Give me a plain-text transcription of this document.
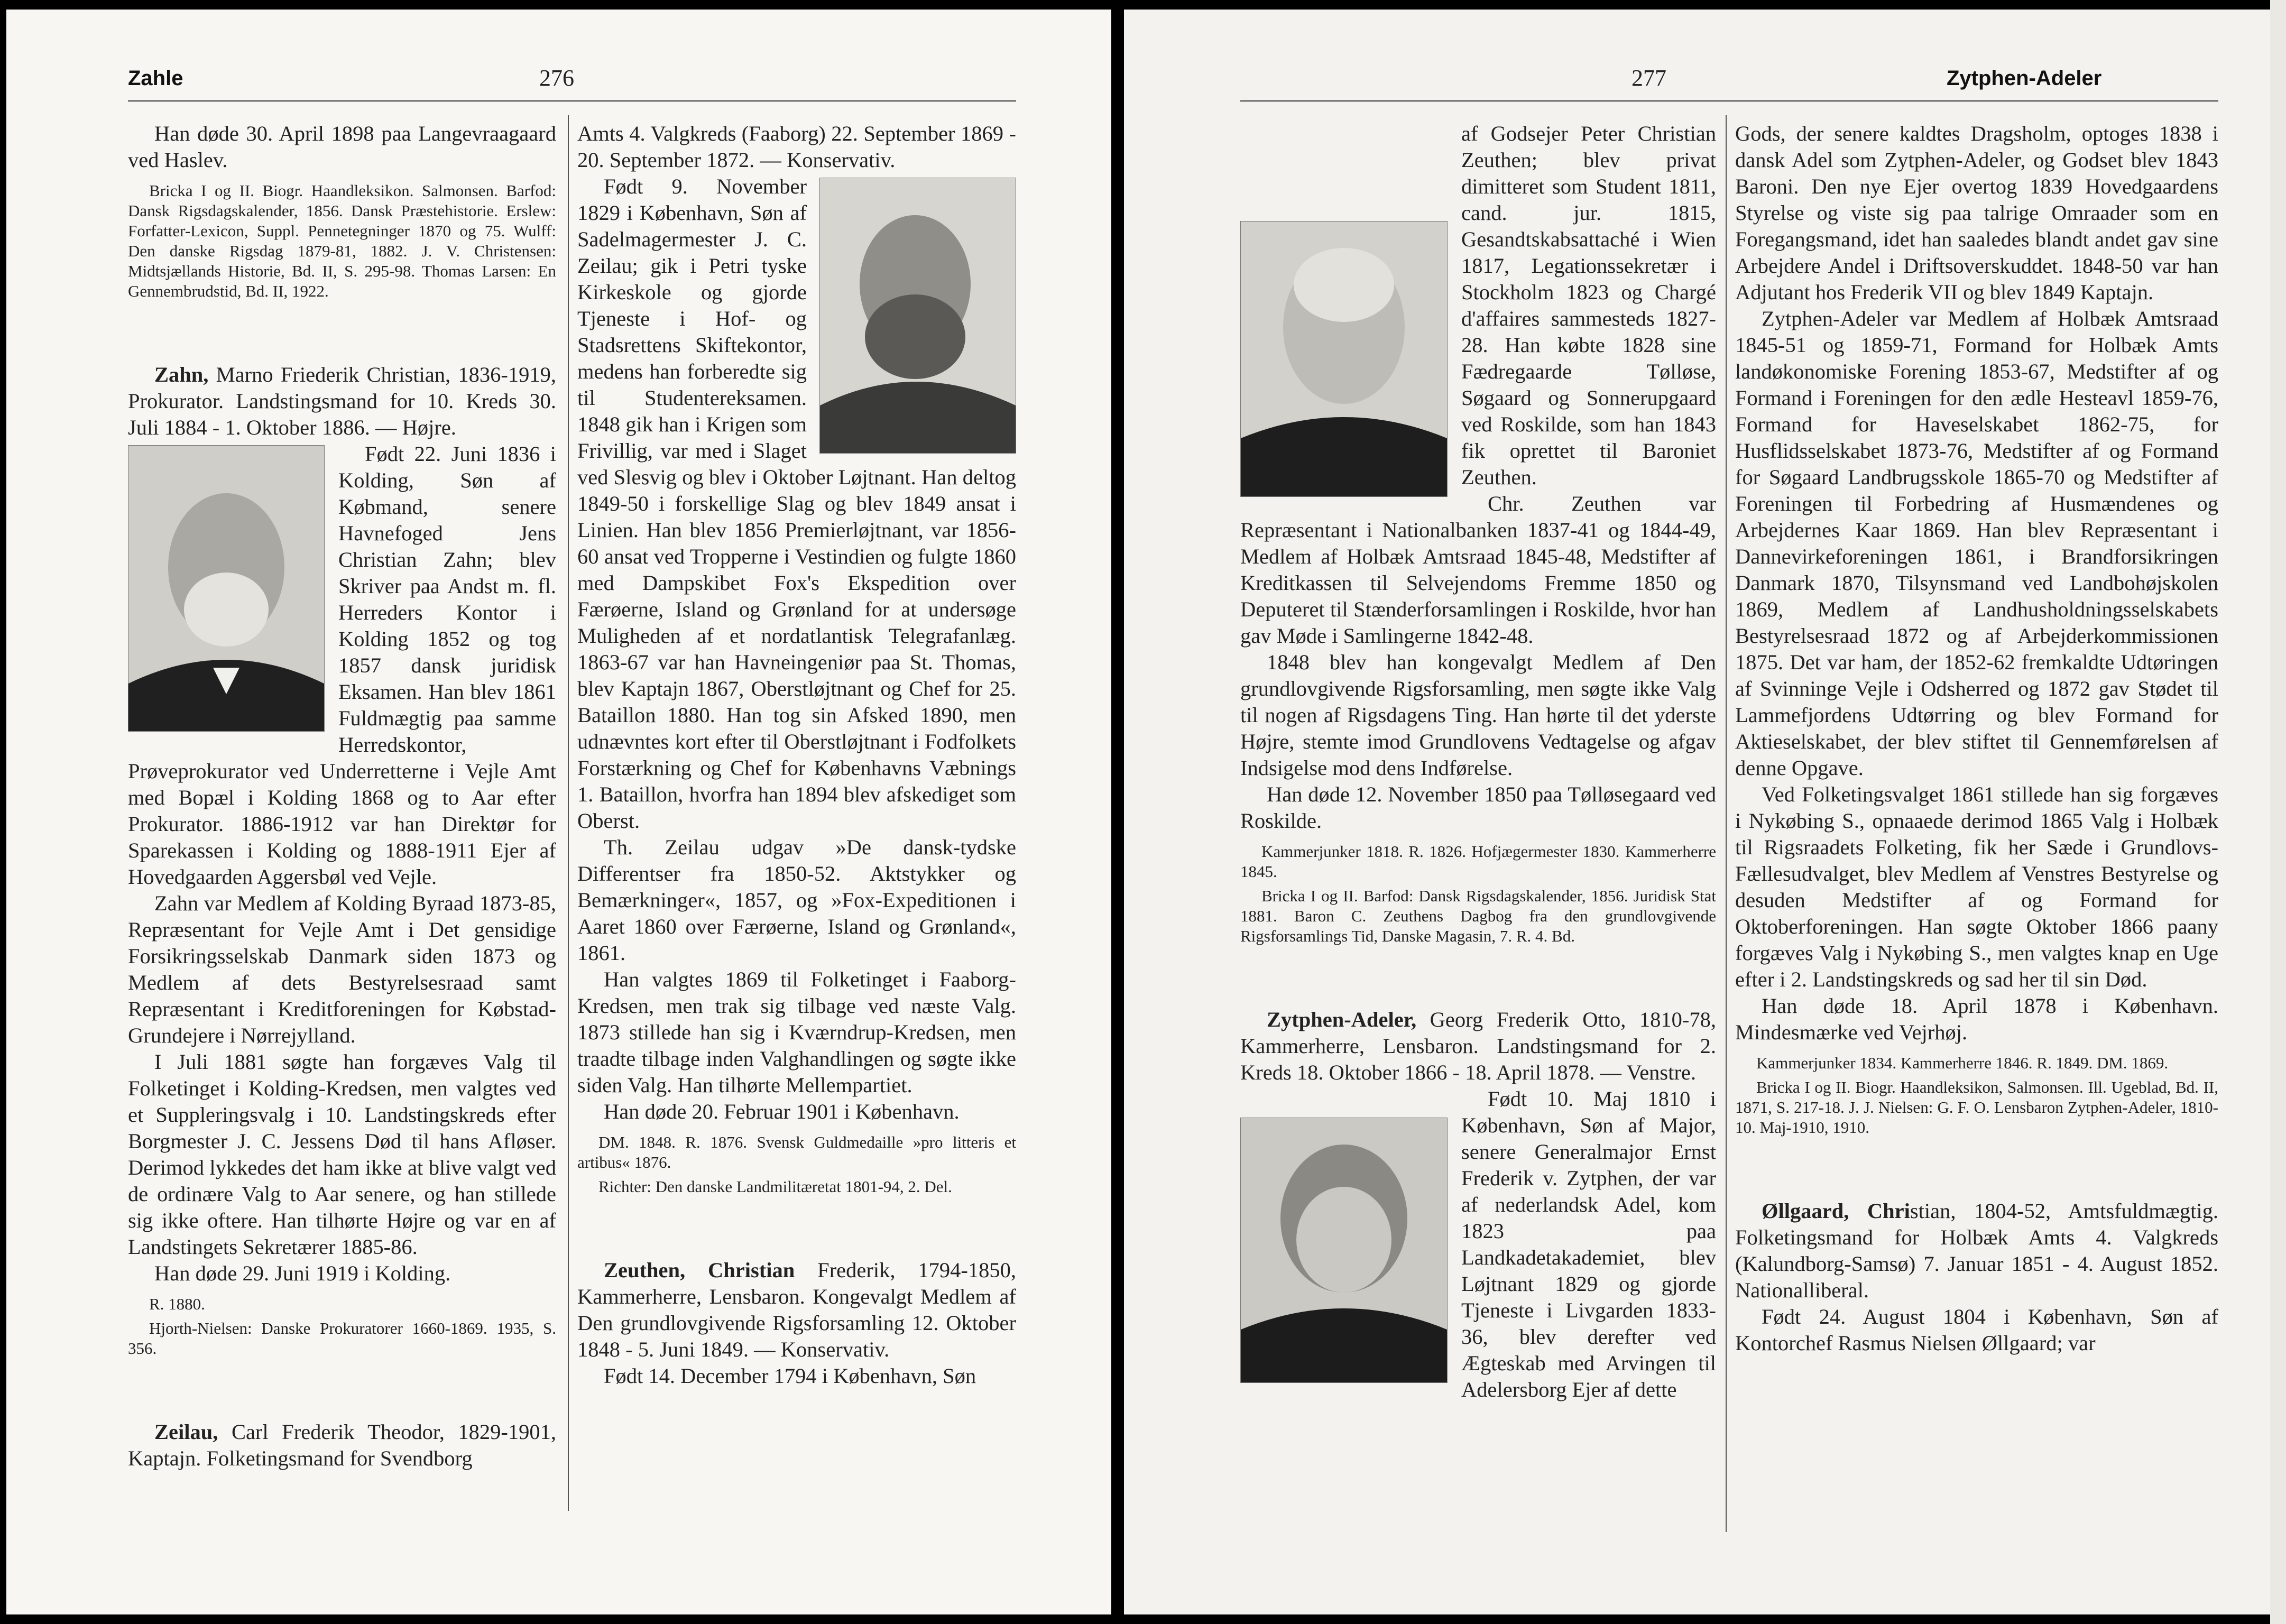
Zahle	276

Han døde 30. April 1898 paa Langevraagaard ved Haslev.

Bricka I og II. Biogr. Haandleksikon. Salmonsen. Barfod: Dansk Rigsdagskalender, 1856. Dansk Præstehistorie. Erslew: Forfatter-Lexicon, Suppl. Pennetegninger 1870 og 75. Wulff: Den danske Rigsdag 1879-81, 1882. J. V. Christensen: Midtsjællands Historie, Bd. II, S. 295-98. Thomas Larsen: En Gennembrudstid, Bd. II, 1922.

Zahn, Marno Friederik Christian, 1836-1919, Prokurator. Landstingsmand for 10. Kreds 30. Juli 1884 - 1. Oktober 1886. — Højre.

Født 22. Juni 1836 i Kolding, Søn af Købmand, senere Havnefoged Jens Christian Zahn; blev Skriver paa Andst m. fl. Herreders Kontor i Kolding 1852 og tog 1857 dansk juridisk Eksamen. Han blev 1861 Fuldmægtig paa samme Herredskontor, Prøveprokurator ved Underretterne i Vejle Amt med Bopæl i Kolding 1868 og to Aar efter Prokurator. 1886-1912 var han Direktør for Sparekassen i Kolding og 1888-1911 Ejer af Hovedgaarden Aggersbøl ved Vejle.

Zahn var Medlem af Kolding Byraad 1873-85, Repræsentant for Vejle Amt i Det gensidige Forsikringsselskab Danmark siden 1873 og Medlem af dets Bestyrelsesraad samt Repræsentant i Kreditforeningen for Købstad-Grundejere i Nørrejylland.

I Juli 1881 søgte han forgæves Valg til Folketinget i Kolding-Kredsen, men valgtes ved et Suppleringsvalg i 10. Landstingskreds efter Borgmester J. C. Jessens Død til hans Afløser. Derimod lykkedes det ham ikke at blive valgt ved de ordinære Valg to Aar senere, og han stillede sig ikke oftere. Han tilhørte Højre og var en af Landstingets Sekretærer 1885-86.

Han døde 29. Juni 1919 i Kolding.

R. 1880.

Hjorth-Nielsen: Danske Prokuratorer 1660-1869. 1935, S. 356.

Zeilau, Carl Frederik Theodor, 1829-1901, Kaptajn. Folketingsmand for Svendborg

Amts 4. Valgkreds (Faaborg) 22. September 1869 - 20. September 1872. — Konservativ.

Født 9. November 1829 i København, Søn af Sadelmagermester J. C. Zeilau; gik i Petri tyske Kirkeskole og gjorde Tjeneste i Hof- og Stadsrettens Skiftekontor, medens han forberedte sig til Studentereksamen. 1848 gik han i Krigen som Frivillig, var med i Slaget ved Slesvig og blev i Oktober Løjtnant. Han deltog 1849-50 i forskellige Slag og blev 1849 ansat i Linien. Han blev 1856 Premierløjtnant, var 1856-60 ansat ved Tropperne i Vestindien og fulgte 1860 med Dampskibet Fox's Ekspedition over Færøerne, Island og Grønland for at undersøge Muligheden af et nordatlantisk Telegrafanlæg. 1863-67 var han Havneingeniør paa St. Thomas, blev Kaptajn 1867, Oberstløjtnant og Chef for 25. Bataillon 1880. Han tog sin Afsked 1890, men udnævntes kort efter til Oberstløjtnant i Fodfolkets Forstærkning og Chef for Københavns Væbnings 1. Bataillon, hvorfra han 1894 blev afskediget som Oberst.

Th. Zeilau udgav »De dansk-tydske Differentser fra 1850-52. Aktstykker og Bemærkninger«, 1857, og »Fox-Expeditionen i Aaret 1860 over Færøerne, Island og Grønland«, 1861.

Han valgtes 1869 til Folketinget i Faaborg-Kredsen, men trak sig tilbage ved næste Valg. 1873 stillede han sig i Kværndrup-Kredsen, men traadte tilbage inden Valghandlingen og søgte ikke siden Valg. Han tilhørte Mellempartiet.

Han døde 20. Februar 1901 i København.

DM. 1848. R. 1876. Svensk Guldmedaille »pro litteris et artibus« 1876.

Richter: Den danske Landmilitæretat 1801-94, 2. Del.

Zeuthen, Christian Frederik, 1794-1850, Kammerherre, Lensbaron. Kongevalgt Medlem af Den grundlovgivende Rigsforsamling 12. Oktober 1848 - 5. Juni 1849. — Konservativ.

Født 14. December 1794 i København, Søn

277	Zytphen-Adeler

af Godsejer Peter Christian Zeuthen; blev privat dimitteret som Student 1811, cand. jur. 1815, Gesandtskabsattaché i Wien 1817, Legationssekretær i Stockholm 1823 og Chargé d'affaires sammesteds 1827-28. Han købte 1828 sine Fædregaarde Tølløse, Søgaard og Sonnerupgaard ved Roskilde, som han 1843 fik oprettet til Baroniet Zeuthen.

Chr. Zeuthen var Repræsentant i Nationalbanken 1837-41 og 1844-49, Medlem af Holbæk Amtsraad 1845-48, Medstifter af Kreditkassen til Selvejendoms Fremme 1850 og Deputeret til Stænderforsamlingen i Roskilde, hvor han gav Møde i Samlingerne 1842-48.

1848 blev han kongevalgt Medlem af Den grundlovgivende Rigsforsamling, men søgte ikke Valg til nogen af Rigsdagens Ting. Han hørte til det yderste Højre, stemte imod Grundlovens Vedtagelse og afgav Indsigelse mod dens Indførelse.

Han døde 12. November 1850 paa Tølløsegaard ved Roskilde.

Kammerjunker 1818. R. 1826. Hofjægermester 1830. Kammerherre 1845.

Bricka I og II. Barfod: Dansk Rigsdagskalender, 1856. Juridisk Stat 1881. Baron C. Zeuthens Dagbog fra den grundlovgivende Rigsforsamlings Tid, Danske Magasin, 7. R. 4. Bd.

Zytphen-Adeler, Georg Frederik Otto, 1810-78, Kammerherre, Lensbaron. Landstingsmand for 2. Kreds 18. Oktober 1866 - 18. April 1878. — Venstre.

Født 10. Maj 1810 i København, Søn af Major, senere Generalmajor Ernst Frederik v. Zytphen, der var af nederlandsk Adel, kom 1823 paa Landkadetakademiet, blev Løjtnant 1829 og gjorde Tjeneste i Livgarden 1833-36, blev derefter ved Ægteskab med Arvingen til Adelersborg Ejer af dette

Gods, der senere kaldtes Dragsholm, optoges 1838 i dansk Adel som Zytphen-Adeler, og Godset blev 1843 Baroni. Den nye Ejer overtog 1839 Hovedgaardens Styrelse og viste sig paa talrige Omraader som en Foregangsmand, idet han saaledes blandt andet gav sine Arbejdere Andel i Driftsoverskuddet. 1848-50 var han Adjutant hos Frederik VII og blev 1849 Kaptajn.

Zytphen-Adeler var Medlem af Holbæk Amtsraad 1845-51 og 1859-71, Formand for Holbæk Amts landøkonomiske Forening 1853-67, Medstifter af og Formand i Foreningen for den ædle Hesteavl 1859-76, Formand for Haveselskabet 1862-75, for Husflidsselskabet 1873-76, Medstifter af og Formand for Søgaard Landbrugsskole 1865-70 og Medstifter af Foreningen til Forbedring af Husmændenes og Arbejdernes Kaar 1869. Han blev Repræsentant i Dannevirkeforeningen 1861, i Brandforsikringen Danmark 1870, Tilsynsmand ved Landbohøjskolen 1869, Medlem af Landhusholdningsselskabets Bestyrelsesraad 1872 og af Arbejderkommissionen 1875. Det var ham, der 1852-62 fremkaldte Udtøringen af Svinninge Vejle i Odsherred og 1872 gav Stødet til Lammefjordens Udtørring og blev Formand for Aktieselskabet, der blev stiftet til Gennemførelsen af denne Opgave.

Ved Folketingsvalget 1861 stillede han sig forgæves i Nykøbing S., opnaaede derimod 1865 Valg i Holbæk til Rigsraadets Folketing, fik her Sæde i Grundlovs-Fællesudvalget, blev Medlem af Venstres Bestyrelse og desuden Medstifter af og Formand for Oktoberforeningen. Han søgte Oktober 1866 paany forgæves Valg i Nykøbing S., men valgtes knap en Uge efter i 2. Landstingskreds og sad her til sin Død.

Han døde 18. April 1878 i København. Mindesmærke ved Vejrhøj.

Kammerjunker 1834. Kammerherre 1846. R. 1849. DM. 1869.

Bricka I og II. Biogr. Haandleksikon, Salmonsen. Ill. Ugeblad, Bd. II, 1871, S. 217-18. J. J. Nielsen: G. F. O. Lensbaron Zytphen-Adeler, 1810-10. Maj-1910, 1910.

Øllgaard, Christian, 1804-52, Amtsfuldmægtig. Folketingsmand for Holbæk Amts 4. Valgkreds (Kalundborg-Samsø) 7. Januar 1851 - 4. August 1852. Nationalliberal.

Født 24. August 1804 i København, Søn af Kontorchef Rasmus Nielsen Øllgaard; var
